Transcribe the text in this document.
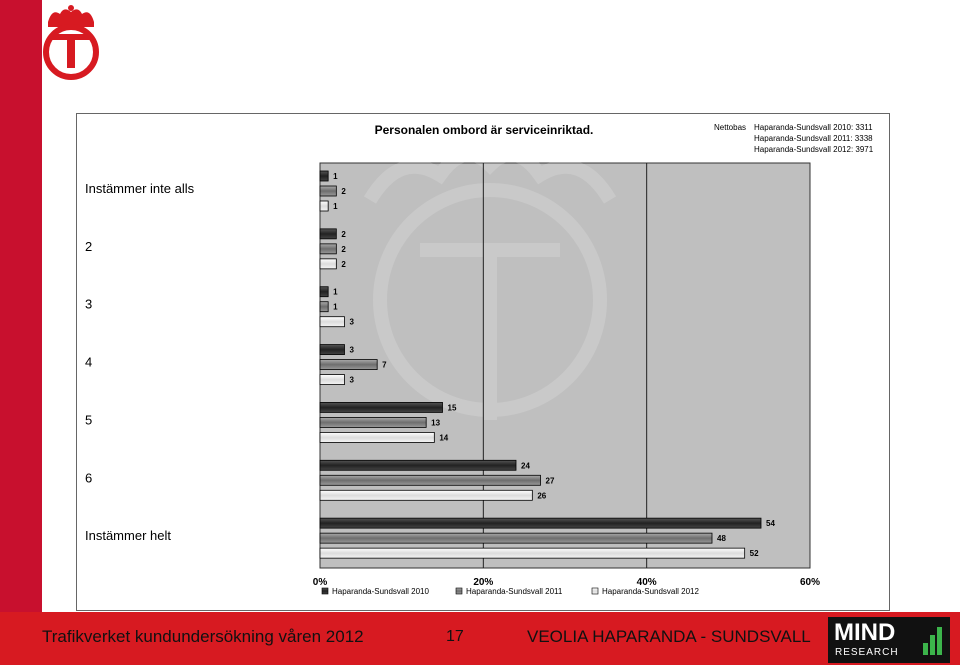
Personalen ombord är serviceinriktad.	Nettobas Haparanda-Sundsvall 2010: 3311
Haparanda-Sundsvall 2011: 3338
Haparanda-Sundsvall 2012: 3971
Instämmer inte alls
2
3
4
5
6
Instämmer helt
1
2
1
2
2
2
1
1
3
3
7
3
15
13
14
24
27
26
54
48
52
0%	20%	40%	60%
Haparanda-Sundsvall 2010	Haparanda-Sundsvall 2011	Haparanda-Sundsvall 2012
Trafikverket kundundersökning våren 2012	17	VEOLIA HAPARANDA - SUNDSVALL MIND
RESEARCH
